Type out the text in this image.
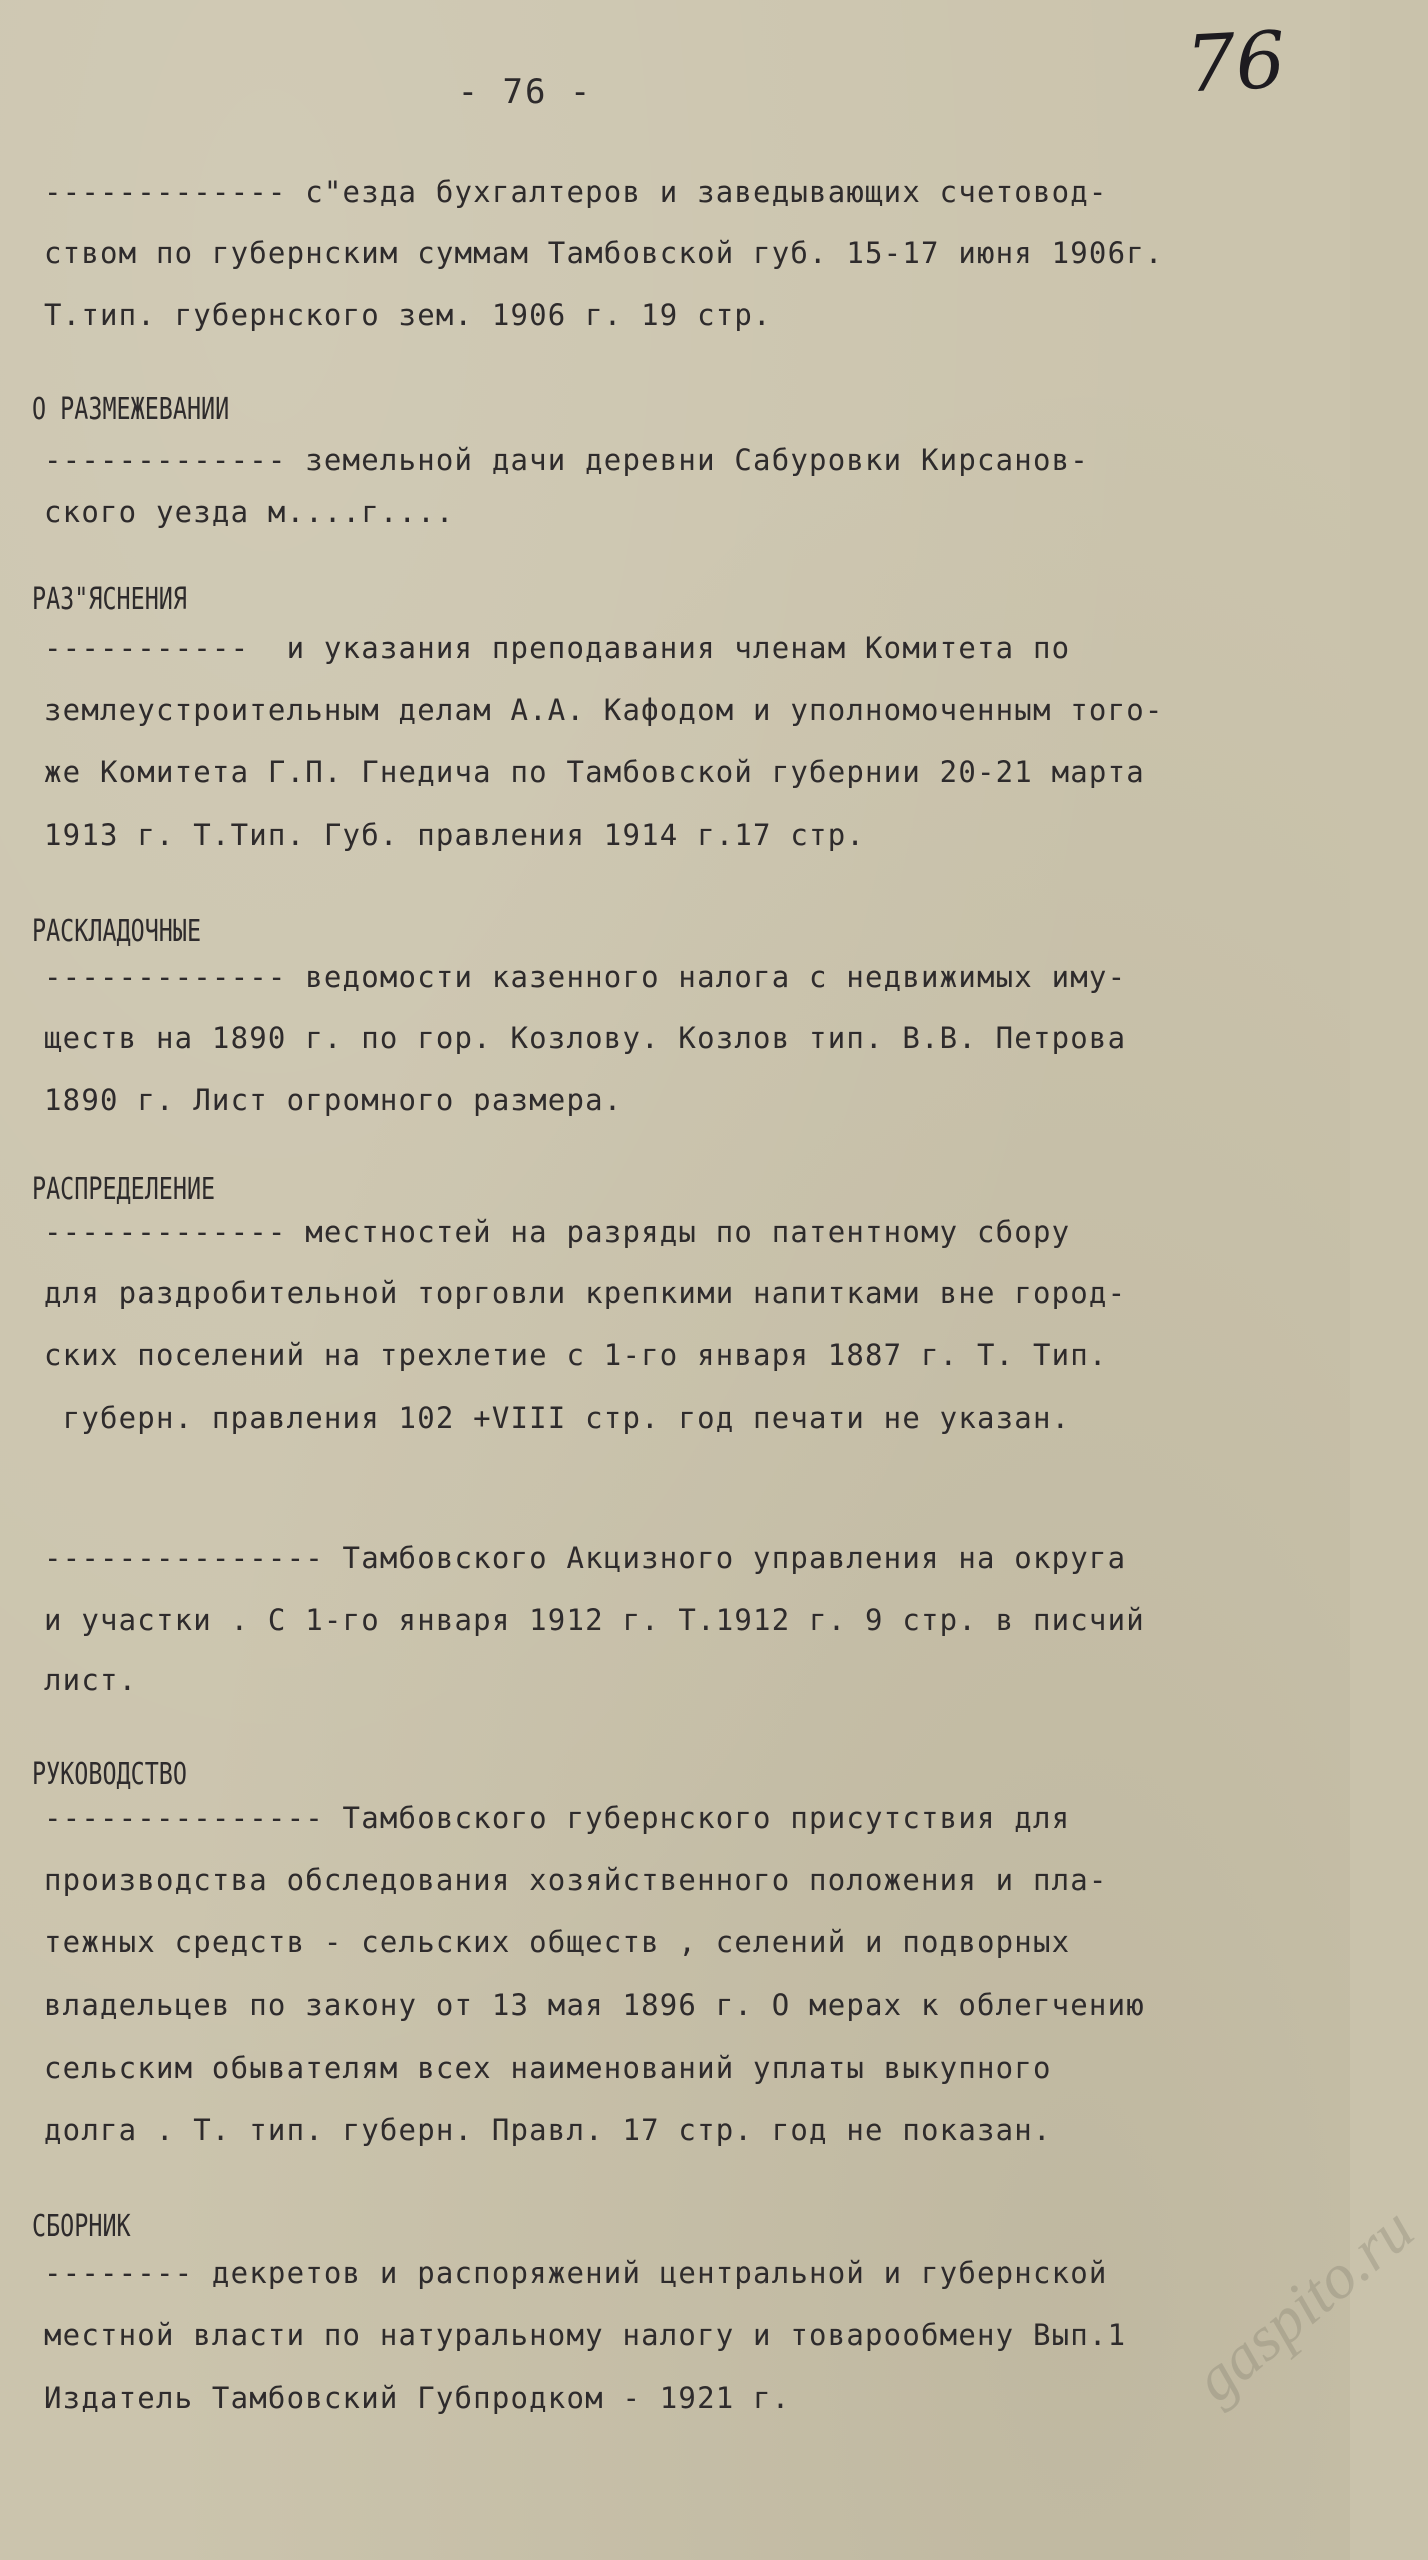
- 76 -	76
------------- с"езда бухгалтеров и заведывающих счетовод-
ством по губернским суммам Тамбовской губ. 15-17 июня 1906г.
Т.тип. губернского зем. 1906 г. 19 стр.
О РАЗМЕЖЕВАНИИ
------------- земельной дачи деревни Сабуровки Кирсанов-
ского уезда м....г....
РАЗ"ЯСНЕНИЯ
-----------  и указания преподавания членам Комитета по
землеустроительным делам А.А. Кафодом и уполномоченным того-
же Комитета Г.П. Гнедича по Тамбовской губернии 20-21 марта
1913 г. Т.Тип. Губ. правления 1914 г.17 стр.
РАСКЛАДОЧНЫЕ
------------- ведомости казенного налога с недвижимых иму-
ществ на 1890 г. по гор. Козлову. Козлов тип. В.В. Петрова
1890 г. Лист огромного размера.
РАСПРЕДЕЛЕНИЕ
------------- местностей на разряды по патентному сбору
для раздробительной торговли крепкими напитками вне город-
ских поселений на трехлетие с 1-го января 1887 г. Т. Тип.
губерн. правления 102 +VIII стр. год печати не указан.
--------------- Тамбовского Акцизного управления на округа
и участки . С 1-го января 1912 г. Т.1912 г. 9 стр. в писчий
лист.
РУКОВОДСТВО
--------------- Тамбовского губернского присутствия для
производства обследования хозяйственного положения и пла-
тежных средств - сельских обществ , селений и подворных
владельцев по закону от 13 мая 1896 г. О мерах к облегчению
сельским обывателям всех наименований уплаты выкупного
долга . Т. тип. губерн. Правл. 17 стр. год не показан.
СБОРНИК
-------- декретов и распоряжений центральной и губернской
местной власти по натуральному налогу и товарообмену Вып.1
Издатель Тамбовский Губпродком - 1921 г.	gaspito.ru
